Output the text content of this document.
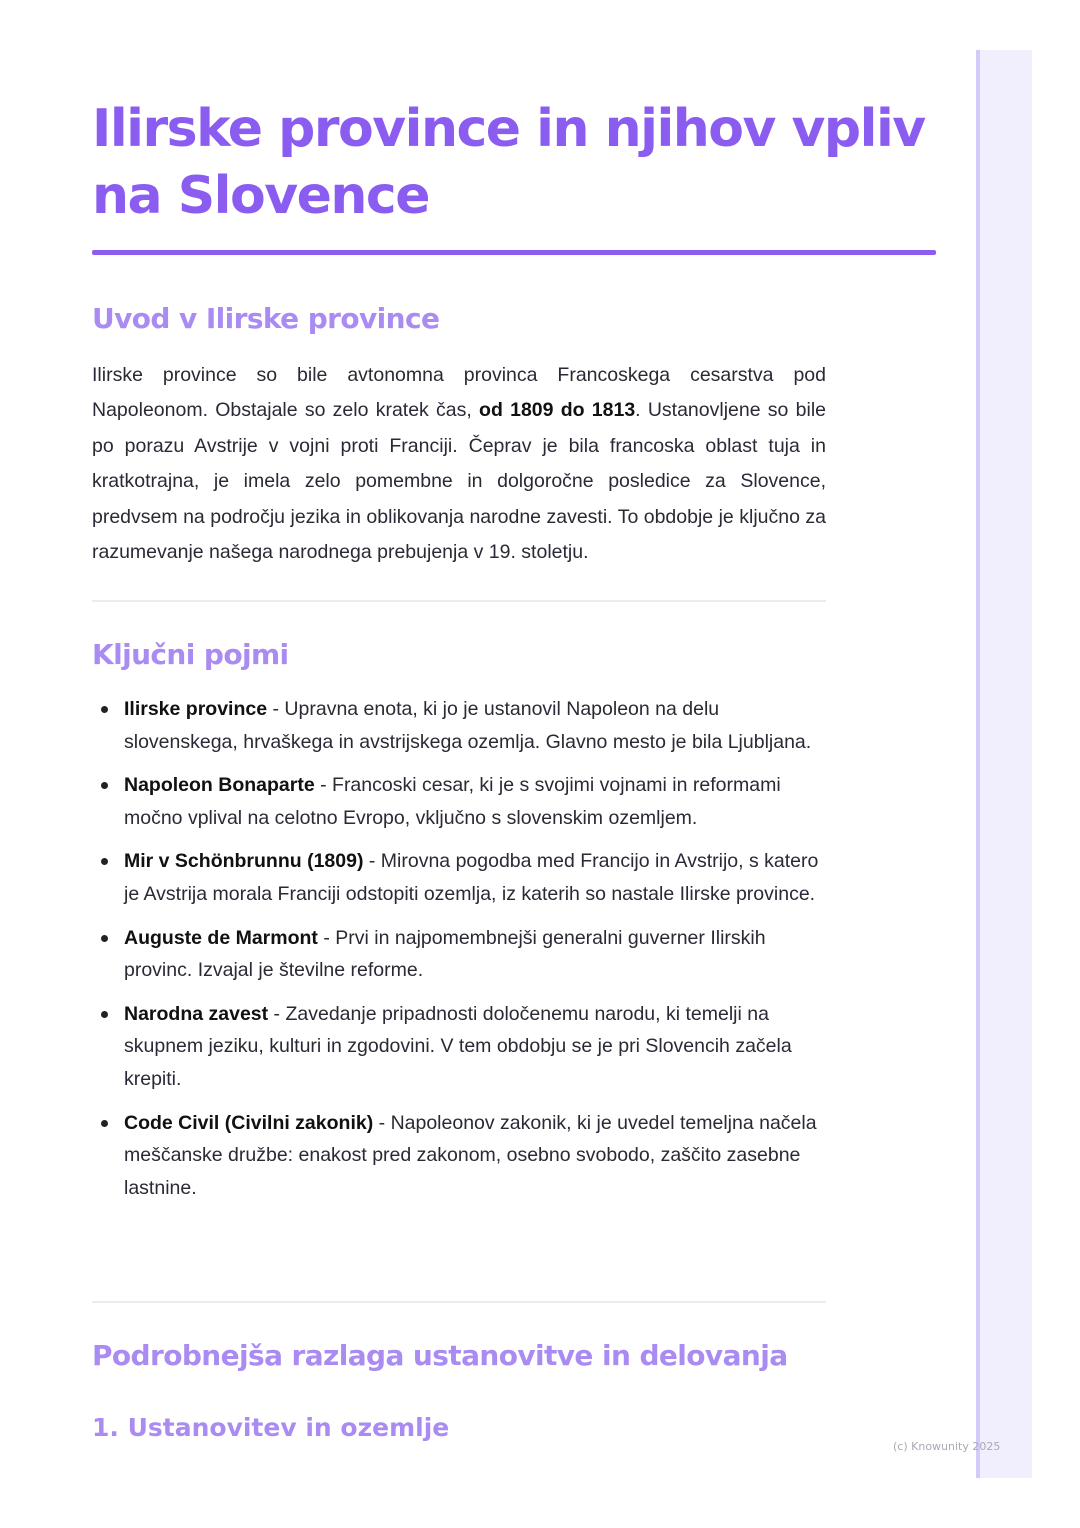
Ilirske province in njihov vpliv na Slovence
Uvod v Ilirske province

Ilirske province so bile avtonomna provinca Francoskega cesarstva pod Napoleonom. Obstajale so zelo kratek čas, od 1809 do 1813. Ustanovljene so bile po porazu Avstrije v vojni proti Franciji. Čeprav je bila francoska oblast tuja in kratkotrajna, je imela zelo pomembne in dolgoročne posledice za Slovence, predvsem na področju jezika in oblikovanja narodne zavesti. To obdobje je ključno za razumevanje našega narodnega prebujenja v 19. stoletju.

Ključni pojmi
Ilirske province - Upravna enota, ki jo je ustanovil Napoleon na delu slovenskega, hrvaškega in avstrijskega ozemlja. Glavno mesto je bila Ljubljana.
Napoleon Bonaparte - Francoski cesar, ki je s svojimi vojnami in reformami močno vplival na celotno Evropo, vključno s slovenskim ozemljem.
Mir v Schönbrunnu (1809) - Mirovna pogodba med Francijo in Avstrijo, s katero je Avstrija morala Franciji odstopiti ozemlja, iz katerih so nastale Ilirske province.
Auguste de Marmont - Prvi in najpomembnejši generalni guverner Ilirskih provinc. Izvajal je številne reforme.
Narodna zavest - Zavedanje pripadnosti določenemu narodu, ki temelji na skupnem jeziku, kulturi in zgodovini. V tem obdobju se je pri Slovencih začela krepiti.
Code Civil (Civilni zakonik) - Napoleonov zakonik, ki je uvedel temeljna načela meščanske družbe: enakost pred zakonom, osebno svobodo, zaščito zasebne lastnine.
Podrobnejša razlaga ustanovitve in delovanja
1. Ustanovitev in ozemlje
(c) Knowunity 2025
